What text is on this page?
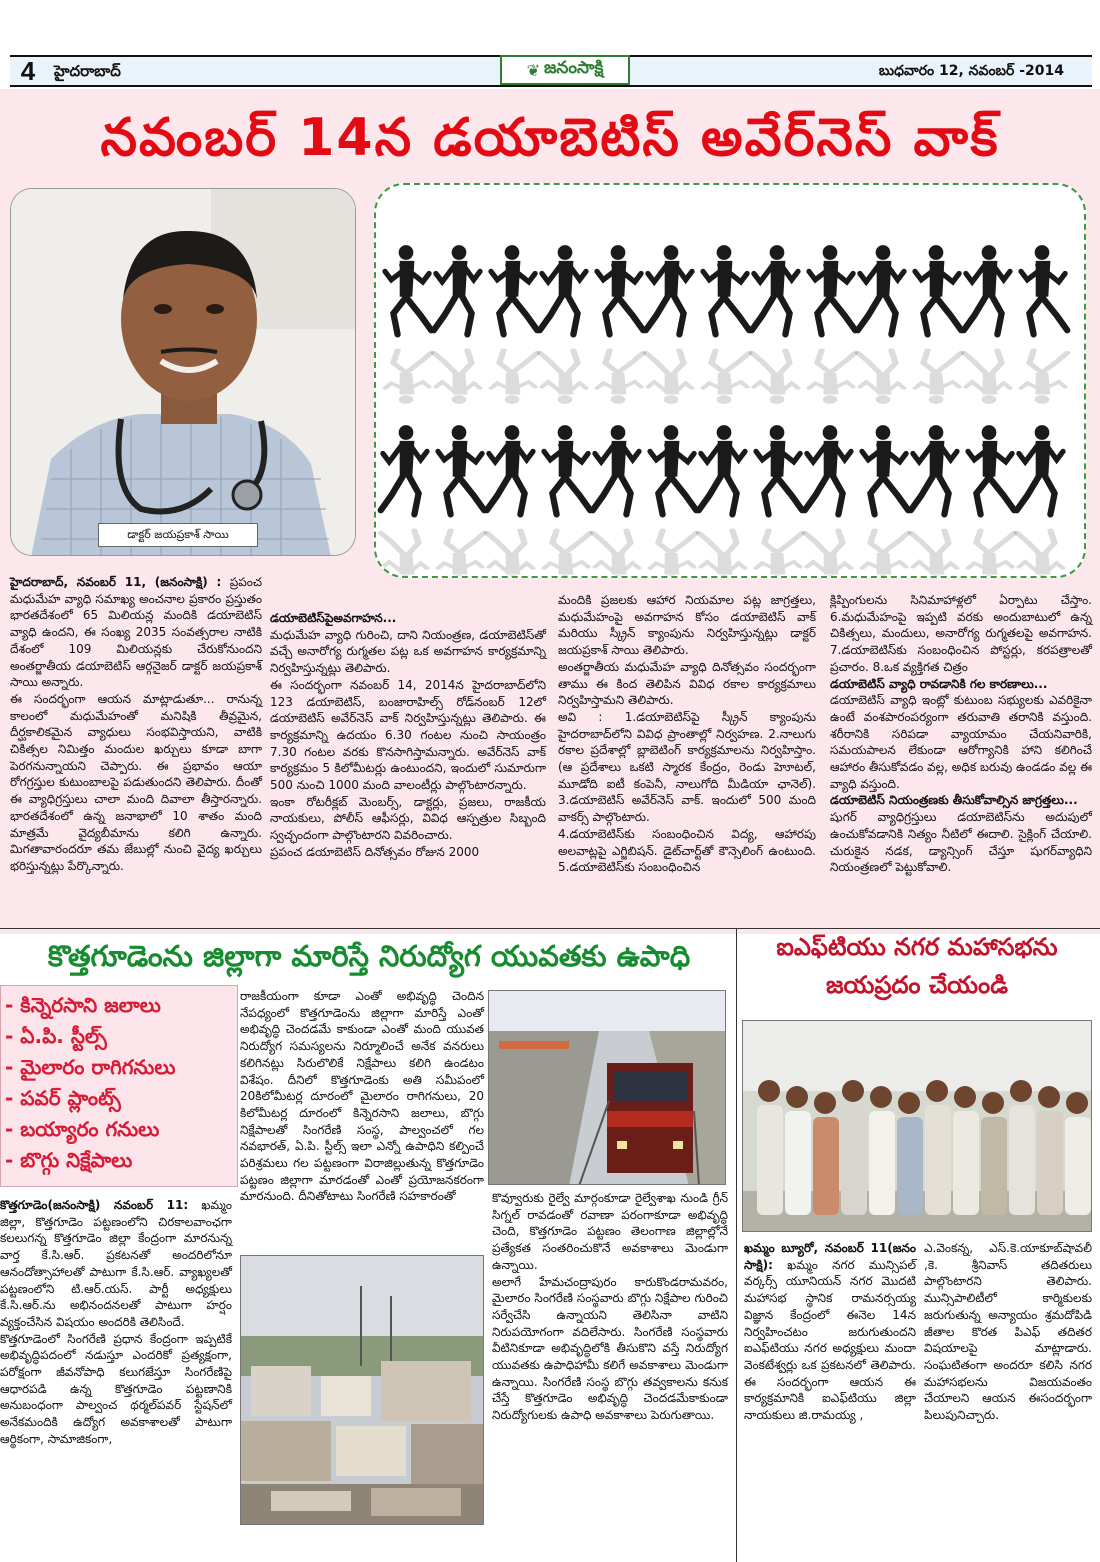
4	హైదరాబాద్	❦ జనంసాక్షి	బుధవారం 12, నవంబర్ -2014
నవంబర్ 14న డయాబెటిస్ అవేర్‌నెస్ వాక్
డాక్టర్ జయప్రకాశ్ సాయి

హైదరాబాద్, నవంబర్ 11, (జనంసాక్షి) : ప్రపంచ మధుమేహ వ్యాధి సమాఖ్య అంచనాల ప్రకారం ప్రస్తుతం భారతదేశంలో 65 మిలియన్ల మందికి డయాబెటిస్ వ్యాధి ఉందని, ఈ సంఖ్య 2035 సంవత్సరాల నాటికి దేశంలో 109 మిలియన్లకు చేరుకోనుందని అంతర్జాతీయ డయాబెటిస్ ఆర్గనైజర్ డాక్టర్ జయప్రకాశ్ సాయి అన్నారు.

ఈ సందర్భంగా ఆయన మాట్లాడుతూ... రానున్న కాలంలో మధుమేహంతో మనిషికి తీవ్రమైన, దీర్ఘకాలికమైన వ్యాధులు సంభవిస్తాయని, వాటికి చికిత్సల నిమిత్తం మందుల ఖర్చులు కూడా బాగా పెరగనున్నాయని చెప్పారు. ఈ ప్రభావం ఆయా రోగగ్రస్తుల కుటుంబాలపై పడుతుందని తెలిపారు. దీంతో ఈ వ్యాధిగ్రస్తులు చాలా మంది దివాలా తీస్తారన్నారు. భారతదేశంలో ఉన్న జనాభాలో 10 శాతం మంది మాత్రమే వైద్యబీమాను కలిగి ఉన్నారు. మిగతావారందరూ తమ జేబుల్లో నుంచి వైద్య ఖర్చులు భరిస్తున్నట్లు పేర్కొన్నారు.

డయాబెటిస్‌పైఅవగాహన...

మధుమేహ వ్యాధి గురించి, దాని నియంత్రణ, డయాబెటిస్‌తో వచ్చే అనారోగ్య రుగ్మతల పట్ల ఒక అవగాహన కార్యక్రమాన్ని నిర్వహిస్తున్నట్లు తెలిపారు.

ఈ సందర్భంగా నవంబర్ 14, 2014న హైదరాబాద్‌లోని 123 డయాబెటిస్, బంజారాహిల్స్ రోడ్‌నంబర్ 12లో డయాబెటిస్ అవేర్‌నెస్ వాక్ నిర్వహిస్తున్నట్లు తెలిపారు. ఈ కార్యక్రమాన్ని ఉదయం 6.30 గంటల నుంచి సాయంత్రం 7.30 గంటల వరకు కొనసాగిస్తామన్నారు. అవేర్‌నెస్ వాక్ కార్యక్రమం 5 కిలోమీటర్లు ఉంటుందని, ఇందులో సుమారుగా 500 నుంచి 1000 మంది వాలంటీర్లు పాల్గొంటారన్నారు.

ఇంకా రోటరీక్లబ్ మెంబర్స్, డాక్టర్లు, ప్రజలు, రాజకీయ నాయకులు, పోలీస్ ఆఫీసర్లు, వివిధ ఆస్పత్రుల సిబ్బంది స్వచ్ఛందంగా పాల్గొంటారని వివరించారు.

ప్రపంచ డయాబెటిస్ దినోత్సవం రోజున 2000

మందికి ప్రజలకు ఆహార నియమాల పట్ల జాగ్రత్తలు, మధుమేహంపై అవగాహన కోసం డయాబెటిస్ వాక్ మరియు స్క్రీన్ క్యాంపును నిర్వహిస్తున్నట్లు డాక్టర్ జయప్రకాశ్ సాయి తెలిపారు.

అంతర్జాతీయ మధుమేహ వ్యాధి దినోత్సవం సందర్భంగా తాము ఈ కింద తెలిపిన వివిధ రకాల కార్యక్రమాలు నిర్వహిస్తామని తెలిపారు.

అవి : 1.డయాబెటిస్‌పై స్క్రీన్ క్యాంపును హైదరాబాద్‌లోని వివిధ ప్రాంతాల్లో నిర్వహణ. 2.నాలుగు రకాల ప్రదేశాల్లో బ్లాబెటింగ్ కార్యక్రమాలను నిర్వహిస్తాం. (ఆ ప్రదేశాలు ఒకటి స్మారక కేంద్రం, రెండు హెూటల్, మూడోది ఐటీ కంపెనీ, నాలుగోది మీడియా ఛానెల్). 3.డయాబెటిస్ అవేర్‌నెస్ వాక్. ఇందులో 500 మంది వాకర్స్ పాల్గొంటారు.

4.డయాబెటిస్‌కు సంబంధించిన విద్య, ఆహారపు అలవాట్లపై ఎగ్జిబిషన్. డైట్‌చార్ట్‌తో కౌన్సెలింగ్ ఉంటుంది. 5.డయాబెటిస్‌కు సంబంధించిన

క్లిప్పింగులను సినిమాహాళ్లలో ఏర్పాటు చేస్తాం. 6.మధుమేహంపై ఇప్పటి వరకు అందుబాటులో ఉన్న చికిత్సలు, మందులు, అనారోగ్య రుగ్మతలపై అవగాహన. 7.డయాబెటిస్‌కు సంబంధించిన పోస్టర్లు, కరపత్రాలతో ప్రచారం. 8.ఒక వ్యక్తిగత చిత్రం

డయాబెటిస్ వ్యాధి రావడానికి గల కారణాలు...

డయాబెటిస్ వ్యాధి ఇంట్లో కుటుంబ సభ్యులకు ఎవరికైనా ఉంటే వంశపారంపర్యంగా తరువాతి తరానికి వస్తుంది. శరీరానికి సరిపడా వ్యాయామం చేయనివారికి, సమయపాలన లేకుండా ఆరోగ్యానికి హాని కలిగించే ఆహారం తీసుకోవడం వల్ల, అధిక బరువు ఉండడం వల్ల ఈ వ్యాధి వస్తుంది.

డయాబెటిస్ నియంత్రణకు తీసుకోవాల్సిన జాగ్రత్తలు...

షుగర్ వ్యాధిగ్రస్తులు డయాబెటిస్‌ను అదుపులో ఉంచుకోవడానికి నిత్యం నీటిలో ఈదాలి. సైక్లింగ్ చేయాలి. చురుకైన నడక, డ్యాన్సింగ్ చేస్తూ షుగర్‌వ్యాధిని నియంత్రణలో పెట్టుకోవాలి.

కొత్తగూడెంను జిల్లాగా మారిస్తే నిరుద్యోగ యువతకు ఉపాధి
- కిన్నెరసాని జలాలు
- ఏ.పి. స్టీల్స్
- మైలారం రాగిగనులు
- పవర్ ప్లాంట్స్
- బయ్యారం గనులు
- బొగ్గు నిక్షేపాలు

కొత్తగూడెం(జనంసాక్షి) నవంబర్ 11: ఖమ్మం జిల్లా, కొత్తగూడెం పట్టణంలోని చిరకాలవాంఛగా కలలుగన్న కొత్తగూడెం జిల్లా కేంద్రంగా మారనున్న వార్త కే.సి.ఆర్. ప్రకటనతో అందరిలోనూ ఆనందోత్సాహాలతో పాటుగా కే.సి.ఆర్. వ్యాఖ్యలతో పట్టణంలోని టి.ఆర్.యస్. పార్టీ అధ్యక్షులు కే.సి.ఆర్.ను అభినందనలతో పాటుగా హర్షం వ్యక్తంచేసిన విషయం అందరికి తెలిసిందే.

కొత్తగూడెంలో సింగరేణి ప్రధాన కేంద్రంగా ఇప్పటికే అభివృద్ధిపదంలో నడుస్తూ ఎందరికో ప్రత్యక్షంగా, పరోక్షంగా జీవనోపాధి కలుగజేస్తూ సింగరేణిపై ఆధారపడి ఉన్న కొత్తగూడెం పట్టణానికి అనుబంధంగా పాల్వంచ థర్మల్‌పవర్ స్టేషన్‌లో అనేకమందికి ఉద్యోగ అవకాశాలతో పాటుగా ఆర్థికంగా, సామాజికంగా,

రాజకీయంగా కూడా ఎంతో అభివృద్ధి చెందిన నేపధ్యంలో కొత్తగూడెంను జిల్లాగా మారిస్తే ఎంతో అభివృద్ధి చెందడమే కాకుండా ఎంతో మంది యువత నిరుద్యోగ సమస్యలను నిర్మూలించే అనేక వనరులు కలిగినట్లు సిరులొలికే నిక్షేపాలు కలిగి ఉండటం విశేషం. దీనిలో కొత్తగూడెంకు అతి సమీపంలో 20కిలోమీటర్ల దూరంలో మైలారం రాగిగనులు, 20 కిలోమీటర్ల దూరంలో కిన్నెరసాని జలాలు, బొగ్గు నిక్షేపాలతో సింగరేణి సంస్థ, పాల్వంచలో గల నవభారత్, ఏ.పి. స్టీల్స్ ఇలా ఎన్నో ఉపాధిని కల్పించే పరిశ్రమలు గల పట్టణంగా విరాజిల్లుతున్న కొత్తగూడెం పట్టణం జిల్లాగా మారడంతో ఎంతో ప్రయోజనకరంగా మారనుంది. దీనితోటాటు సింగరేణి సహకారంతో	కొవ్వూరుకు రైల్వే మార్గంకూడా రైల్వేశాఖ నుండి గ్రీన్ సిగ్నల్ రావడంతో రవాణా పరంగాకూడా అభివృద్ధి చెంది, కొత్తగూడెం పట్టణం తెలంగాణ జిల్లాల్లోనే ప్రత్యేకత సంతరించుకొనే అవకాశాలు మెండుగా ఉన్నాయి.

అలాగే హేమచంద్రాపురం కారుకొండరామవరం, మైలారం సింగరేణి సంస్థవారు బొగ్గు నిక్షేపాల గురించి సర్వేచేసి ఉన్నాయని తెలిసినా వాటిని నిరుపయోగంగా వదిలేసారు. సింగరేణి సంస్థవారు వీటినికూడా అభివృద్ధిలోకి తీసుకొని వస్తే నిరుద్యోగ యువతకు ఉపాధిహామీ కలిగే అవకాశాలు మెండుగా ఉన్నాయి. సింగరేణి సంస్థ బొగ్గు తవ్వకాలను కనుక చేస్తే కొత్తగూడెం అభివృద్ధి చెందడమేకాకుండా నిరుద్యోగులకు ఉపాధి అవకాశాలు పెరుగుతాయి.

ఐఎఫ్‌టియు నగర మహాసభను జయప్రదం చేయండి

ఖమ్మం బ్యూరో, నవంబర్ 11(జనం సాక్షి): ఖమ్మం నగర మున్సిపల్ వర్కర్స్ యూనియన్ నగర మొదటి మహాసభ స్థానిక రామనర్సయ్య విజ్ఞాన కేంద్రంలో ఈనెల 14న నిర్వహించటం జరుగుతుందని ఐఎఫ్‌టియు నగర అధ్యక్షులు మందా వెంకటేశ్వర్లు ఒక ప్రకటనలో తెలిపారు. ఈ సందర్భంగా ఆయన ఈ కార్యక్రమానికి ఐఎఫ్‌టియు జిల్లా నాయకులు జి.రామయ్య ,

ఎ.వెంకన్న, ఎస్.కె.యాకూబ్‌షావలీ ,కె. శ్రీనివాస్ తదితరులు పాల్గొంటారని తెలిపారు. మున్సిపాలిటీలో కార్మికులకు జరుగుతున్న అన్యాయం శ్రమదోపిడి జీతాల కొరత పిఎఫ్ తదితర విషయాలపై మాట్లాడారు. సంఘటితంగా అందరూ కలిసి నగర మహాసభలను విజయవంతం చేయాలని ఆయన ఈసందర్భంగా పిలుపునిచ్చారు.
